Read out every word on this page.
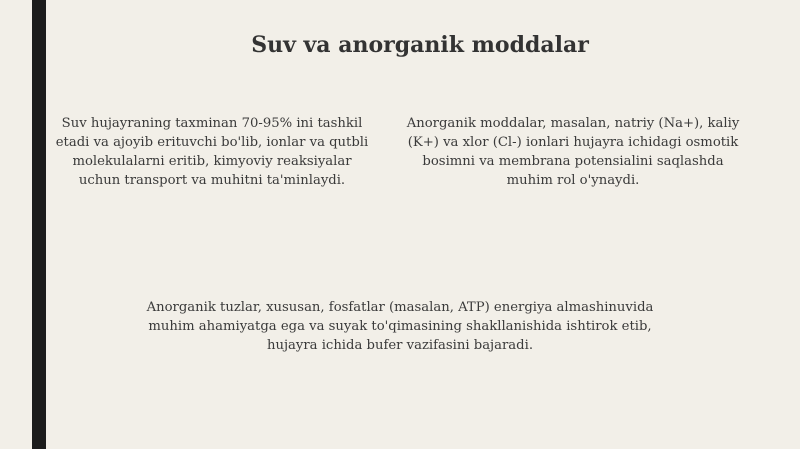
Suv va anorganik moddalar
Suv hujayraning taxminan 70-95% ini tashkil etadi va ajoyib erituvchi bo'lib, ionlar va qutbli molekulalarni eritib, kimyoviy reaksiyalar uchun transport va muhitni ta'minlaydi.
Anorganik moddalar, masalan, natriy (Na+), kaliy (K+) va xlor (Cl-) ionlari hujayra ichidagi osmotik bosimni va membrana potensialini saqlashda muhim rol o'ynaydi.
Anorganik tuzlar, xususan, fosfatlar (masalan, ATP) energiya almashinuvida muhim ahamiyatga ega va suyak to'qimasining shakllanishida ishtirok etib, hujayra ichida bufer vazifasini bajaradi.
